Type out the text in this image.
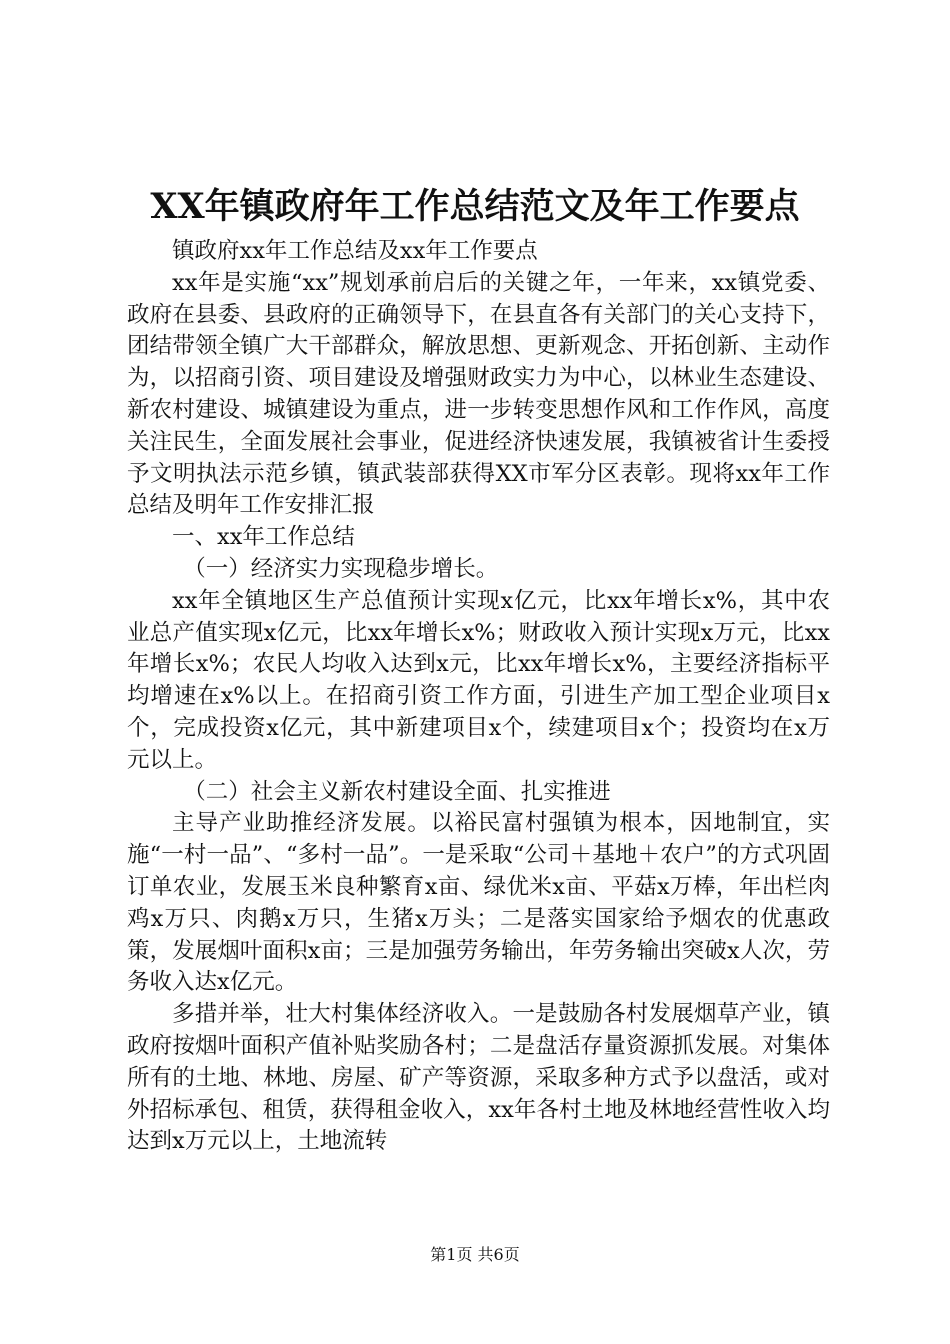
XX年镇政府年工作总结范文及年工作要点

镇政府xx年工作总结及xx年工作要点

xx年是实施“xx”规划承前启后的关键之年，一年来，xx镇党委、政府在县委、县政府的正确领导下，在县直各有关部门的关心支持下，团结带领全镇广大干部群众，解放思想、更新观念、开拓创新、主动作为，以招商引资、项目建设及增强财政实力为中心，以林业生态建设、新农村建设、城镇建设为重点，进一步转变思想作风和工作作风，高度关注民生，全面发展社会事业，促进经济快速发展，我镇被省计生委授予文明执法示范乡镇，镇武装部获得XX市军分区表彰。现将xx年工作总结及明年工作安排汇报

一、xx年工作总结

（一）经济实力实现稳步增长。

xx年全镇地区生产总值预计实现x亿元，比xx年增长x%，其中农业总产值实现x亿元，比xx年增长x%；财政收入预计实现x万元，比xx年增长x%；农民人均收入达到x元，比xx年增长x%，主要经济指标平均增速在x%以上。在招商引资工作方面，引进生产加工型企业项目x个，完成投资x亿元，其中新建项目x个，续建项目x个；投资均在x万元以上。

（二）社会主义新农村建设全面、扎实推进

主导产业助推经济发展。以裕民富村强镇为根本，因地制宜，实施“一村一品”、“多村一品”。一是采取“公司＋基地＋农户”的方式巩固订单农业，发展玉米良种繁育x亩、绿优米x亩、平菇x万棒，年出栏肉鸡x万只、肉鹅x万只，生猪x万头；二是落实国家给予烟农的优惠政策，发展烟叶面积x亩；三是加强劳务输出，年劳务输出突破x人次，劳务收入达x亿元。

多措并举，壮大村集体经济收入。一是鼓励各村发展烟草产业，镇政府按烟叶面积产值补贴奖励各村；二是盘活存量资源抓发展。对集体所有的土地、林地、房屋、矿产等资源，采取多种方式予以盘活，或对外招标承包、租赁，获得租金收入，xx年各村土地及林地经营性收入均达到x万元以上，土地流转

第1页 共6页
